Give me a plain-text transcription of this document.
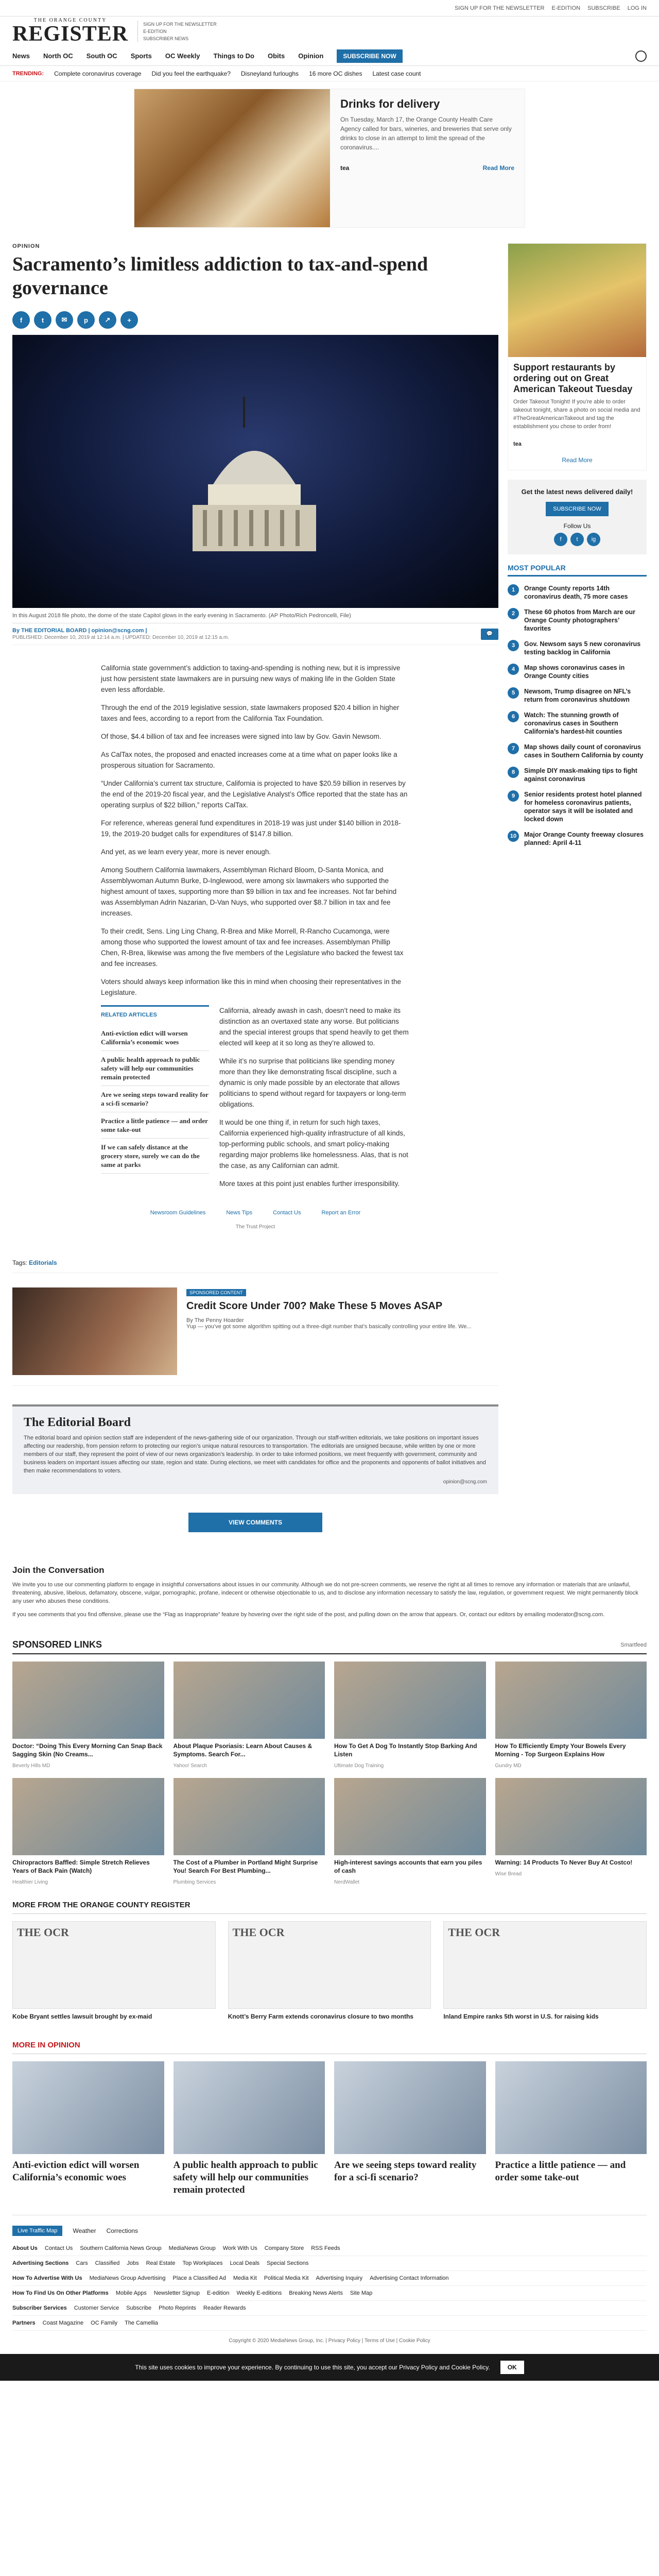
SIGN UP FOR THE NEWSLETTER E-EDITION SUBSCRIBE LOG IN
THE ORANGE COUNTY
REGISTER	SIGN UP FOR THE NEWSLETTER
E-EDITION
SUBSCRIBER NEWS
News North OC South OC Sports OC Weekly Things to Do Obits Opinion	SUBSCRIBE NOW
TRENDING: Complete coronavirus coverage Did you feel the earthquake? Disneyland furloughs 16 more OC dishes Latest case count
Drinks for delivery

On Tuesday, March 17, the Orange County Health Care Agency called for bars, wineries, and breweries that serve only drinks to close in an attempt to limit the spread of the coronavirus....

tea	Read More
OPINION
Sacramento’s limitless addiction to tax-and-spend governance
f	t	✉	p	↗	+
In this August 2018 file photo, the dome of the state Capitol glows in the early evening in Sacramento. (AP Photo/Rich Pedroncelli, File)
By THE EDITORIAL BOARD | opinion@scng.com |
PUBLISHED: December 10, 2019 at 12:14 a.m. | UPDATED: December 10, 2019 at 12:15 a.m.
💬

California state government’s addiction to taxing-and-spending is nothing new, but it is impressive just how persistent state lawmakers are in pursuing new ways of making life in the Golden State even less affordable.

Through the end of the 2019 legislative session, state lawmakers proposed $20.4 billion in higher taxes and fees, according to a report from the California Tax Foundation.

Of those, $4.4 billion of tax and fee increases were signed into law by Gov. Gavin Newsom.

As CalTax notes, the proposed and enacted increases come at a time what on paper looks like a prosperous situation for Sacramento.

“Under California’s current tax structure, California is projected to have $20.59 billion in reserves by the end of the 2019-20 fiscal year, and the Legislative Analyst’s Office reported that the state has an operating surplus of $22 billion,” reports CalTax.

For reference, whereas general fund expenditures in 2018-19 was just under $140 billion in 2018-19, the 2019-20 budget calls for expenditures of $147.8 billion.

And yet, as we learn every year, more is never enough.

Among Southern California lawmakers, Assemblyman Richard Bloom, D-Santa Monica, and Assemblywoman Autumn Burke, D-Inglewood, were among six lawmakers who supported the highest amount of taxes, supporting more than $9 billion in tax and fee increases. Not far behind was Assemblyman Adrin Nazarian, D-Van Nuys, who supported over $8.7 billion in tax and fee increases.

To their credit, Sens. Ling Ling Chang, R-Brea and Mike Morrell, R-Rancho Cucamonga, were among those who supported the lowest amount of tax and fee increases. Assemblyman Phillip Chen, R-Brea, likewise was among the five members of the Legislature who backed the fewest tax and fee increases.

Voters should always keep information like this in mind when choosing their representatives in the Legislature.

RELATED ARTICLES
Anti-eviction edict will worsen California’s economic woes
A public health approach to public safety will help our communities remain protected
Are we seeing steps toward reality for a sci-fi scenario?
Practice a little patience — and order some take-out
If we can safely distance at the grocery store, surely we can do the same at parks

California, already awash in cash, doesn’t need to make its distinction as an overtaxed state any worse. But politicians and the special interest groups that spend heavily to get them elected will keep at it so long as they’re allowed to.

While it’s no surprise that politicians like spending money more than they like demonstrating fiscal discipline, such a dynamic is only made possible by an electorate that allows politicians to spend without regard for taxpayers or long-term obligations.

It would be one thing if, in return for such high taxes, California experienced high-quality infrastructure of all kinds, top-performing public schools, and smart policy-making regarding major problems like homelessness. Alas, that is not the case, as any Californian can admit.

More taxes at this point just enables further irresponsibility.

Newsroom Guidelines	News Tips	Contact Us	Report an Error
The Trust Project
Tags: Editorials
SPONSORED CONTENT
Credit Score Under 700? Make These 5 Moves ASAP

By The Penny Hoarder

Yup — you’ve got some algorithm spitting out a three-digit number that’s basically controlling your entire life. We...

The Editorial Board

The editorial board and opinion section staff are independent of the news-gathering side of our organization. Through our staff-written editorials, we take positions on important issues affecting our readership, from pension reform to protecting our region’s unique natural resources to transportation. The editorials are unsigned because, while written by one or more members of our staff, they represent the point of view of our news organization’s leadership. In order to take informed positions, we meet frequently with government, community and business leaders on important issues affecting our state, region and state. During elections, we meet with candidates for office and the proponents and opponents of ballot initiatives and then make recommendations to voters.

opinion@scng.com
VIEW COMMENTS
Support restaurants by ordering out on Great American Takeout Tuesday

Order Takeout Tonight! If you’re able to order takeout tonight, share a photo on social media and #TheGreatAmericanTakeout and tag the establishment you chose to order from!

tea
Read More
Get the latest news delivered daily!
SUBSCRIBE NOW
Follow Us
f	t	ig
MOST POPULAR
1	Orange County reports 14th coronavirus death, 75 more cases
2	These 60 photos from March are our Orange County photographers’ favorites
3	Gov. Newsom says 5 new coronavirus testing backlog in California
4	Map shows coronavirus cases in Orange County cities
5	Newsom, Trump disagree on NFL’s return from coronavirus shutdown
6	Watch: The stunning growth of coronavirus cases in Southern California’s hardest-hit counties
7	Map shows daily count of coronavirus cases in Southern California by county
8	Simple DIY mask-making tips to fight against coronavirus
9	Senior residents protest hotel planned for homeless coronavirus patients, operator says it will be isolated and locked down
10	Major Orange County freeway closures planned: April 4-11
Join the Conversation

We invite you to use our commenting platform to engage in insightful conversations about issues in our community. Although we do not pre-screen comments, we reserve the right at all times to remove any information or materials that are unlawful, threatening, abusive, libelous, defamatory, obscene, vulgar, pornographic, profane, indecent or otherwise objectionable to us, and to disclose any information necessary to satisfy the law, regulation, or government request. We might permanently block any user who abuses these conditions.

If you see comments that you find offensive, please use the “Flag as Inappropriate” feature by hovering over the right side of the post, and pulling down on the arrow that appears. Or, contact our editors by emailing moderator@scng.com.

SPONSORED LINKS	Smartfeed
Doctor: “Doing This Every Morning Can Snap Back Sagging Skin (No Creams...
Beverly Hills MD
About Plaque Psoriasis: Learn About Causes & Symptoms. Search For...
Yahoo! Search
How To Get A Dog To Instantly Stop Barking And Listen
Ultimate Dog Training
How To Efficiently Empty Your Bowels Every Morning - Top Surgeon Explains How
Gundry MD
Chiropractors Baffled: Simple Stretch Relieves Years of Back Pain (Watch)
Healthier Living
The Cost of a Plumber in Portland Might Surprise You! Search For Best Plumbing...
Plumbing Services
High-interest savings accounts that earn you piles of cash
NerdWallet
Warning: 14 Products To Never Buy At Costco!
Wise Bread
MORE FROM THE ORANGE COUNTY REGISTER
THE OCR
Kobe Bryant settles lawsuit brought by ex-maid
THE OCR
Knott’s Berry Farm extends coronavirus closure to two months
THE OCR
Inland Empire ranks 5th worst in U.S. for raising kids
MORE IN OPINION
Anti-eviction edict will worsen California’s economic woes
A public health approach to public safety will help our communities remain protected
Are we seeing steps toward reality for a sci-fi scenario?
Practice a little patience — and order some take-out
Live Traffic Map	Weather Corrections
About Us Contact Us Southern California News Group MediaNews Group Work With Us Company Store RSS Feeds
Advertising Sections Cars Classified Jobs Real Estate Top Workplaces Local Deals Special Sections
How To Advertise With Us MediaNews Group Advertising Place a Classified Ad Media Kit Political Media Kit Advertising Inquiry Advertising Contact Information
How To Find Us On Other Platforms Mobile Apps Newsletter Signup E-edition Weekly E-editions Breaking News Alerts Site Map
Subscriber Services Customer Service Subscribe Photo Reprints Reader Rewards
Partners Coast Magazine OC Family The Camellia
Copyright © 2020 MediaNews Group, Inc. | Privacy Policy | Terms of Use | Cookie Policy
This site uses cookies to improve your experience. By continuing to use this site, you accept our Privacy Policy and Cookie Policy.	OK
